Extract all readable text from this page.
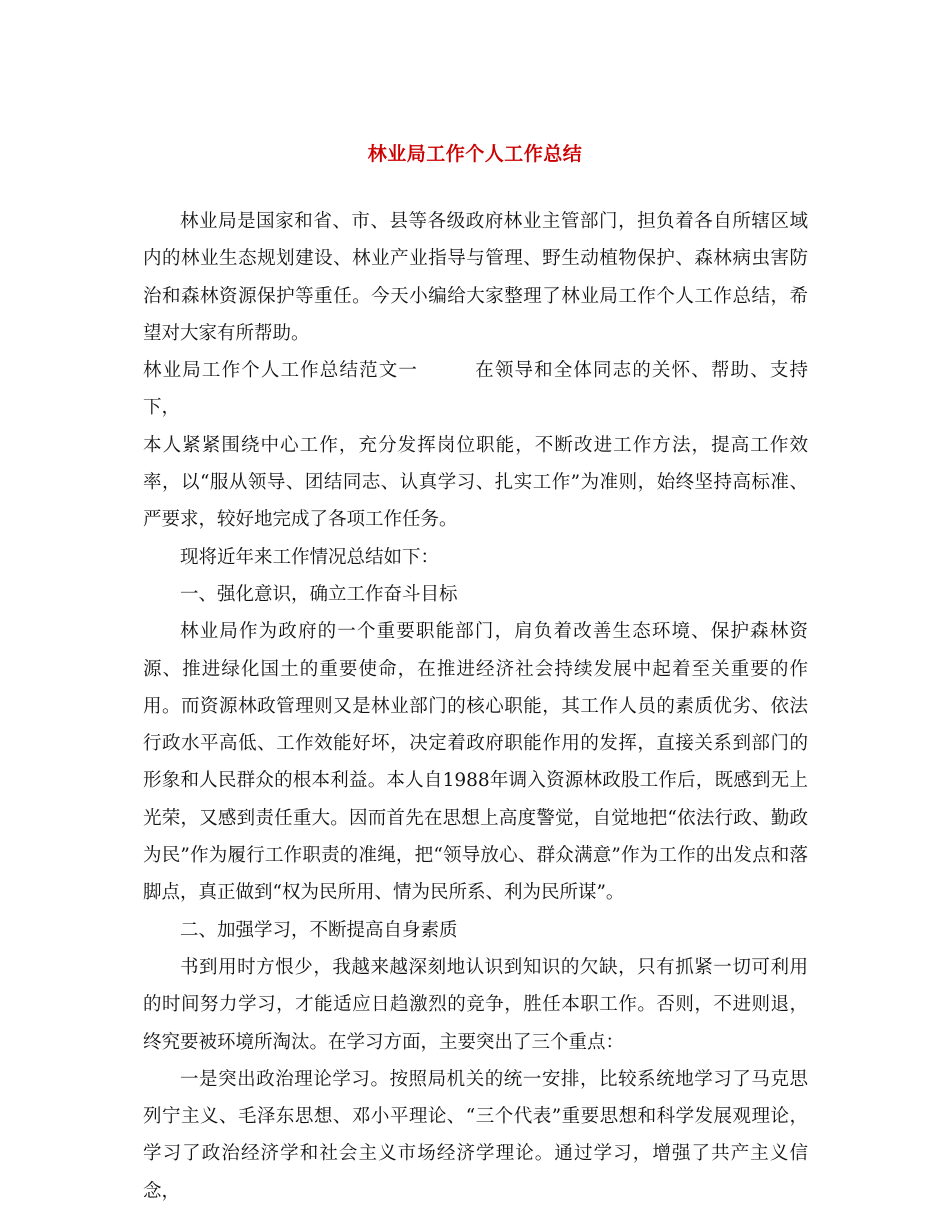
林业局工作个人工作总结

林业局是国家和省、市、县等各级政府林业主管部门，担负着各自所辖区域内的林业生态规划建设、林业产业指导与管理、野生动植物保护、森林病虫害防治和森林资源保护等重任。今天小编给大家整理了林业局工作个人工作总结，希望对大家有所帮助。

林业局工作个人工作总结范文一	在领导和全体同志的关怀、帮助、支持下，

本人紧紧围绕中心工作，充分发挥岗位职能，不断改进工作方法，提高工作效率，以“服从领导、团结同志、认真学习、扎实工作”为准则，始终坚持高标准、严要求，较好地完成了各项工作任务。

现将近年来工作情况总结如下：

一、强化意识，确立工作奋斗目标

林业局作为政府的一个重要职能部门，肩负着改善生态环境、保护森林资源、推进绿化国土的重要使命，在推进经济社会持续发展中起着至关重要的作用。而资源林政管理则又是林业部门的核心职能，其工作人员的素质优劣、依法行政水平高低、工作效能好坏，决定着政府职能作用的发挥，直接关系到部门的形象和人民群众的根本利益。本人自1988年调入资源林政股工作后，既感到无上光荣，又感到责任重大。因而首先在思想上高度警觉，自觉地把“依法行政、勤政为民”作为履行工作职责的准绳，把“领导放心、群众满意”作为工作的出发点和落脚点，真正做到“权为民所用、情为民所系、利为民所谋”。

二、加强学习，不断提高自身素质

书到用时方恨少，我越来越深刻地认识到知识的欠缺，只有抓紧一切可利用的时间努力学习，才能适应日趋激烈的竞争，胜任本职工作。否则，不进则退，终究要被环境所淘汰。在学习方面，主要突出了三个重点：

一是突出政治理论学习。按照局机关的统一安排，比较系统地学习了马克思列宁主义、毛泽东思想、邓小平理论、“三个代表”重要思想和科学发展观理论，学习了政治经济学和社会主义市场经济学理论。通过学习，增强了共产主义信念，
